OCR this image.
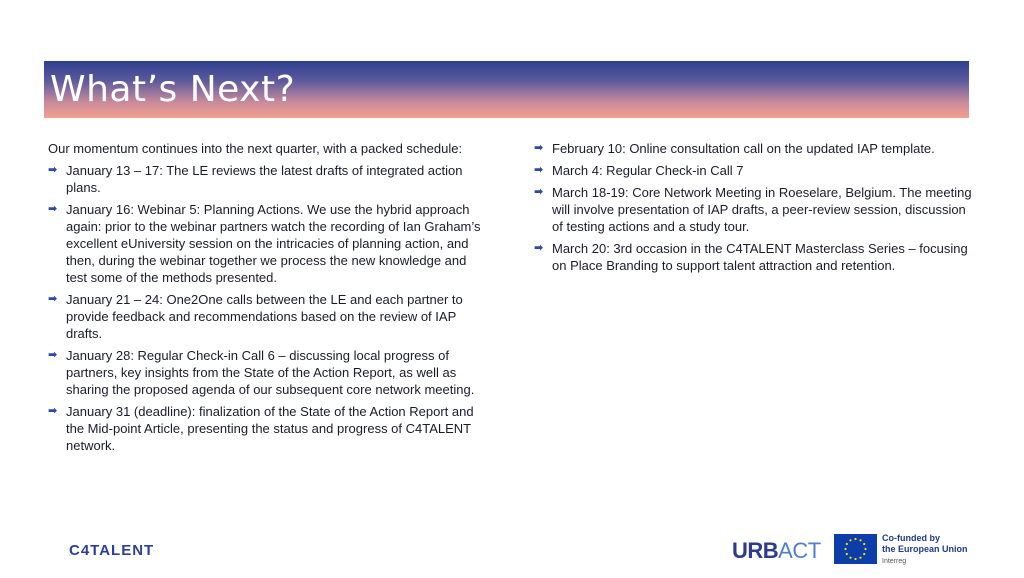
What’s Next?

Our momentum continues into the next quarter, with a packed schedule:

➡ January 13 – 17: The LE reviews the latest drafts of integrated action plans.
➡ January 16: Webinar 5: Planning Actions. We use the hybrid approach again: prior to the webinar partners watch the recording of Ian Graham’s excellent eUniversity session on the intricacies of planning action, and then, during the webinar together we process the new knowledge and test some of the methods presented.
➡ January 21 – 24: One2One calls between the LE and each partner to provide feedback and recommendations based on the review of IAP drafts.
➡ January 28: Regular Check-in Call 6 – discussing local progress of partners, key insights from the State of the Action Report, as well as sharing the proposed agenda of our subsequent core network meeting.
➡ January 31 (deadline): finalization of the State of the Action Report and the Mid-point Article, presenting the status and progress of C4TALENT network.
➡ February 10: Online consultation call on the updated IAP template.
➡ March 4: Regular Check-in Call 7
➡ March 18-19: Core Network Meeting in Roeselare, Belgium. The meeting will involve presentation of IAP drafts, a peer-review session, discussion of testing actions and a study tour.
➡ March 20: 3rd occasion in the C4TALENT Masterclass Series – focusing on Place Branding to support talent attraction and retention.
C4TALENT	URBACT	Co-funded by
the European Union
Interreg
